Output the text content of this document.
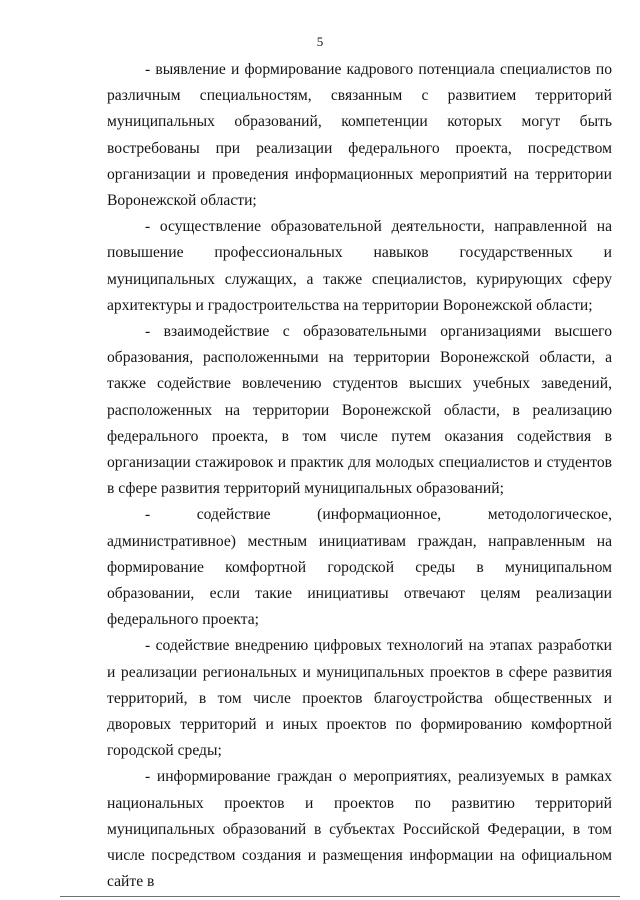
5

- выявление и формирование кадрового потенциала специалистов по различным специальностям, связанным с развитием территорий муниципальных образований, компетенции которых могут быть востребованы при реализации федерального проекта, посредством организации и проведения информационных мероприятий на территории Воронежской области;

- осуществление образовательной деятельности, направленной на повышение профессиональных навыков государственных и муниципальных служащих, а также специалистов, курирующих сферу архитектуры и градостроительства на территории Воронежской области;

- взаимодействие с образовательными организациями высшего образования, расположенными на территории Воронежской области, а также содействие вовлечению студентов высших учебных заведений, расположенных на территории Воронежской области, в реализацию федерального проекта, в том числе путем оказания содействия в организации стажировок и практик для молодых специалистов и студентов в сфере развития территорий муниципальных образований;

- содействие (информационное, методологическое, административное) местным инициативам граждан, направленным на формирование комфортной городской среды в муниципальном образовании, если такие инициативы отвечают целям реализации федерального проекта;

- содействие внедрению цифровых технологий на этапах разработки и реализации региональных и муниципальных проектов в сфере развития территорий, в том числе проектов благоустройства общественных и дворовых территорий и иных проектов по формированию комфортной городской среды;

- информирование граждан о мероприятиях, реализуемых в рамках национальных проектов и проектов по развитию территорий муниципальных образований в субъектах Российской Федерации, в том числе посредством создания и размещения информации на официальном сайте в
